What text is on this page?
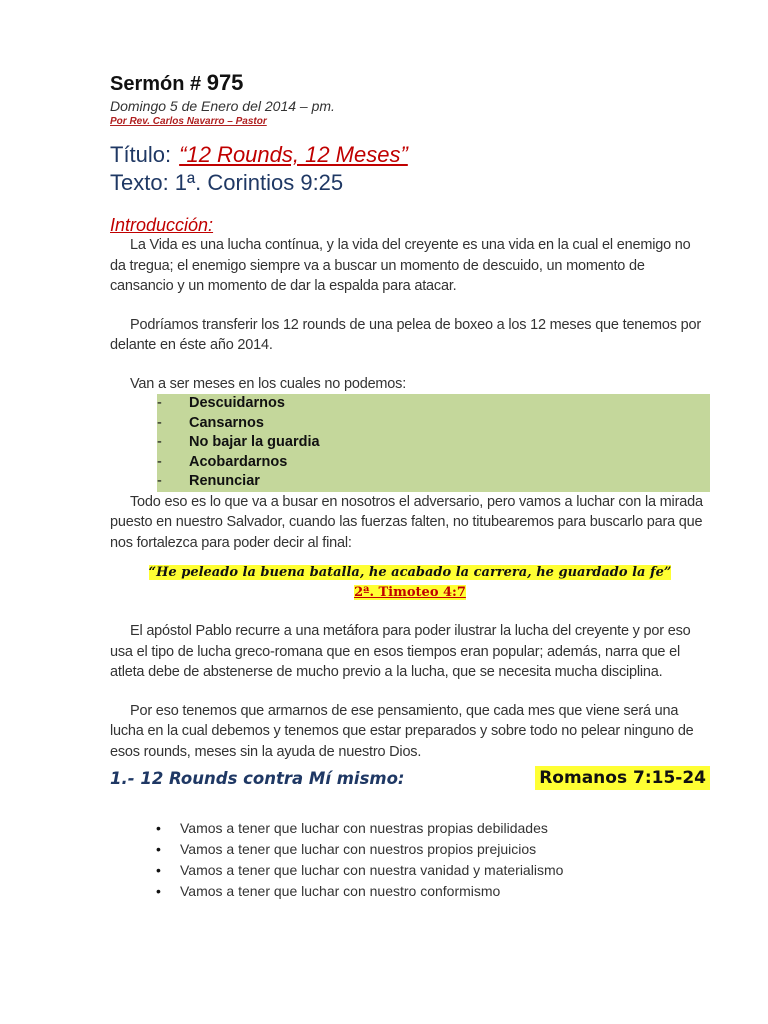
Sermón # 975
Domingo 5 de Enero del 2014 – pm.
Por Rev. Carlos Navarro – Pastor
Título: “12 Rounds, 12 Meses”
Texto: 1ª. Corintios 9:25
Introducción:

La Vida es una lucha contínua, y la vida del creyente es una vida en la cual el enemigo no da tregua; el enemigo siempre va a buscar un momento de descuido, un momento de cansancio y un momento de dar la espalda para atacar.

Podríamos transferir los 12 rounds de una pelea de boxeo a los 12 meses que tenemos por delante en éste año 2014.

Van a ser meses en los cuales no podemos:

-	Descuidarnos
-	Cansarnos
-	No bajar la guardia
-	Acobardarnos
-	Renunciar

Todo eso es lo que va a busar en nosotros el adversario, pero vamos a luchar con la mirada puesto en nuestro Salvador, cuando las fuerzas falten, no titubearemos para buscarlo para que nos fortalezca para poder decir al final:

“He peleado la buena batalla, he acabado la carrera, he guardado la fe”
2ª. Timoteo 4:7

El apóstol Pablo recurre a una metáfora para poder ilustrar la lucha del creyente y por eso usa el tipo de lucha greco-romana que en esos tiempos eran popular; además, narra que el atleta debe de abstenerse de mucho previo a la lucha, que se necesita mucha disciplina.

Por eso tenemos que armarnos de ese pensamiento, que cada mes que viene será una lucha en la cual debemos y tenemos que estar preparados y sobre todo no pelear ninguno de esos rounds, meses sin la ayuda de nuestro Dios.

1.- 12 Rounds contra Mí mismo:	Romanos 7:15-24
• Vamos a tener que luchar con nuestras propias debilidades
• Vamos a tener que luchar con nuestros propios prejuicios
• Vamos a tener que luchar con nuestra vanidad y materialismo
• Vamos a tener que luchar con nuestro conformismo
